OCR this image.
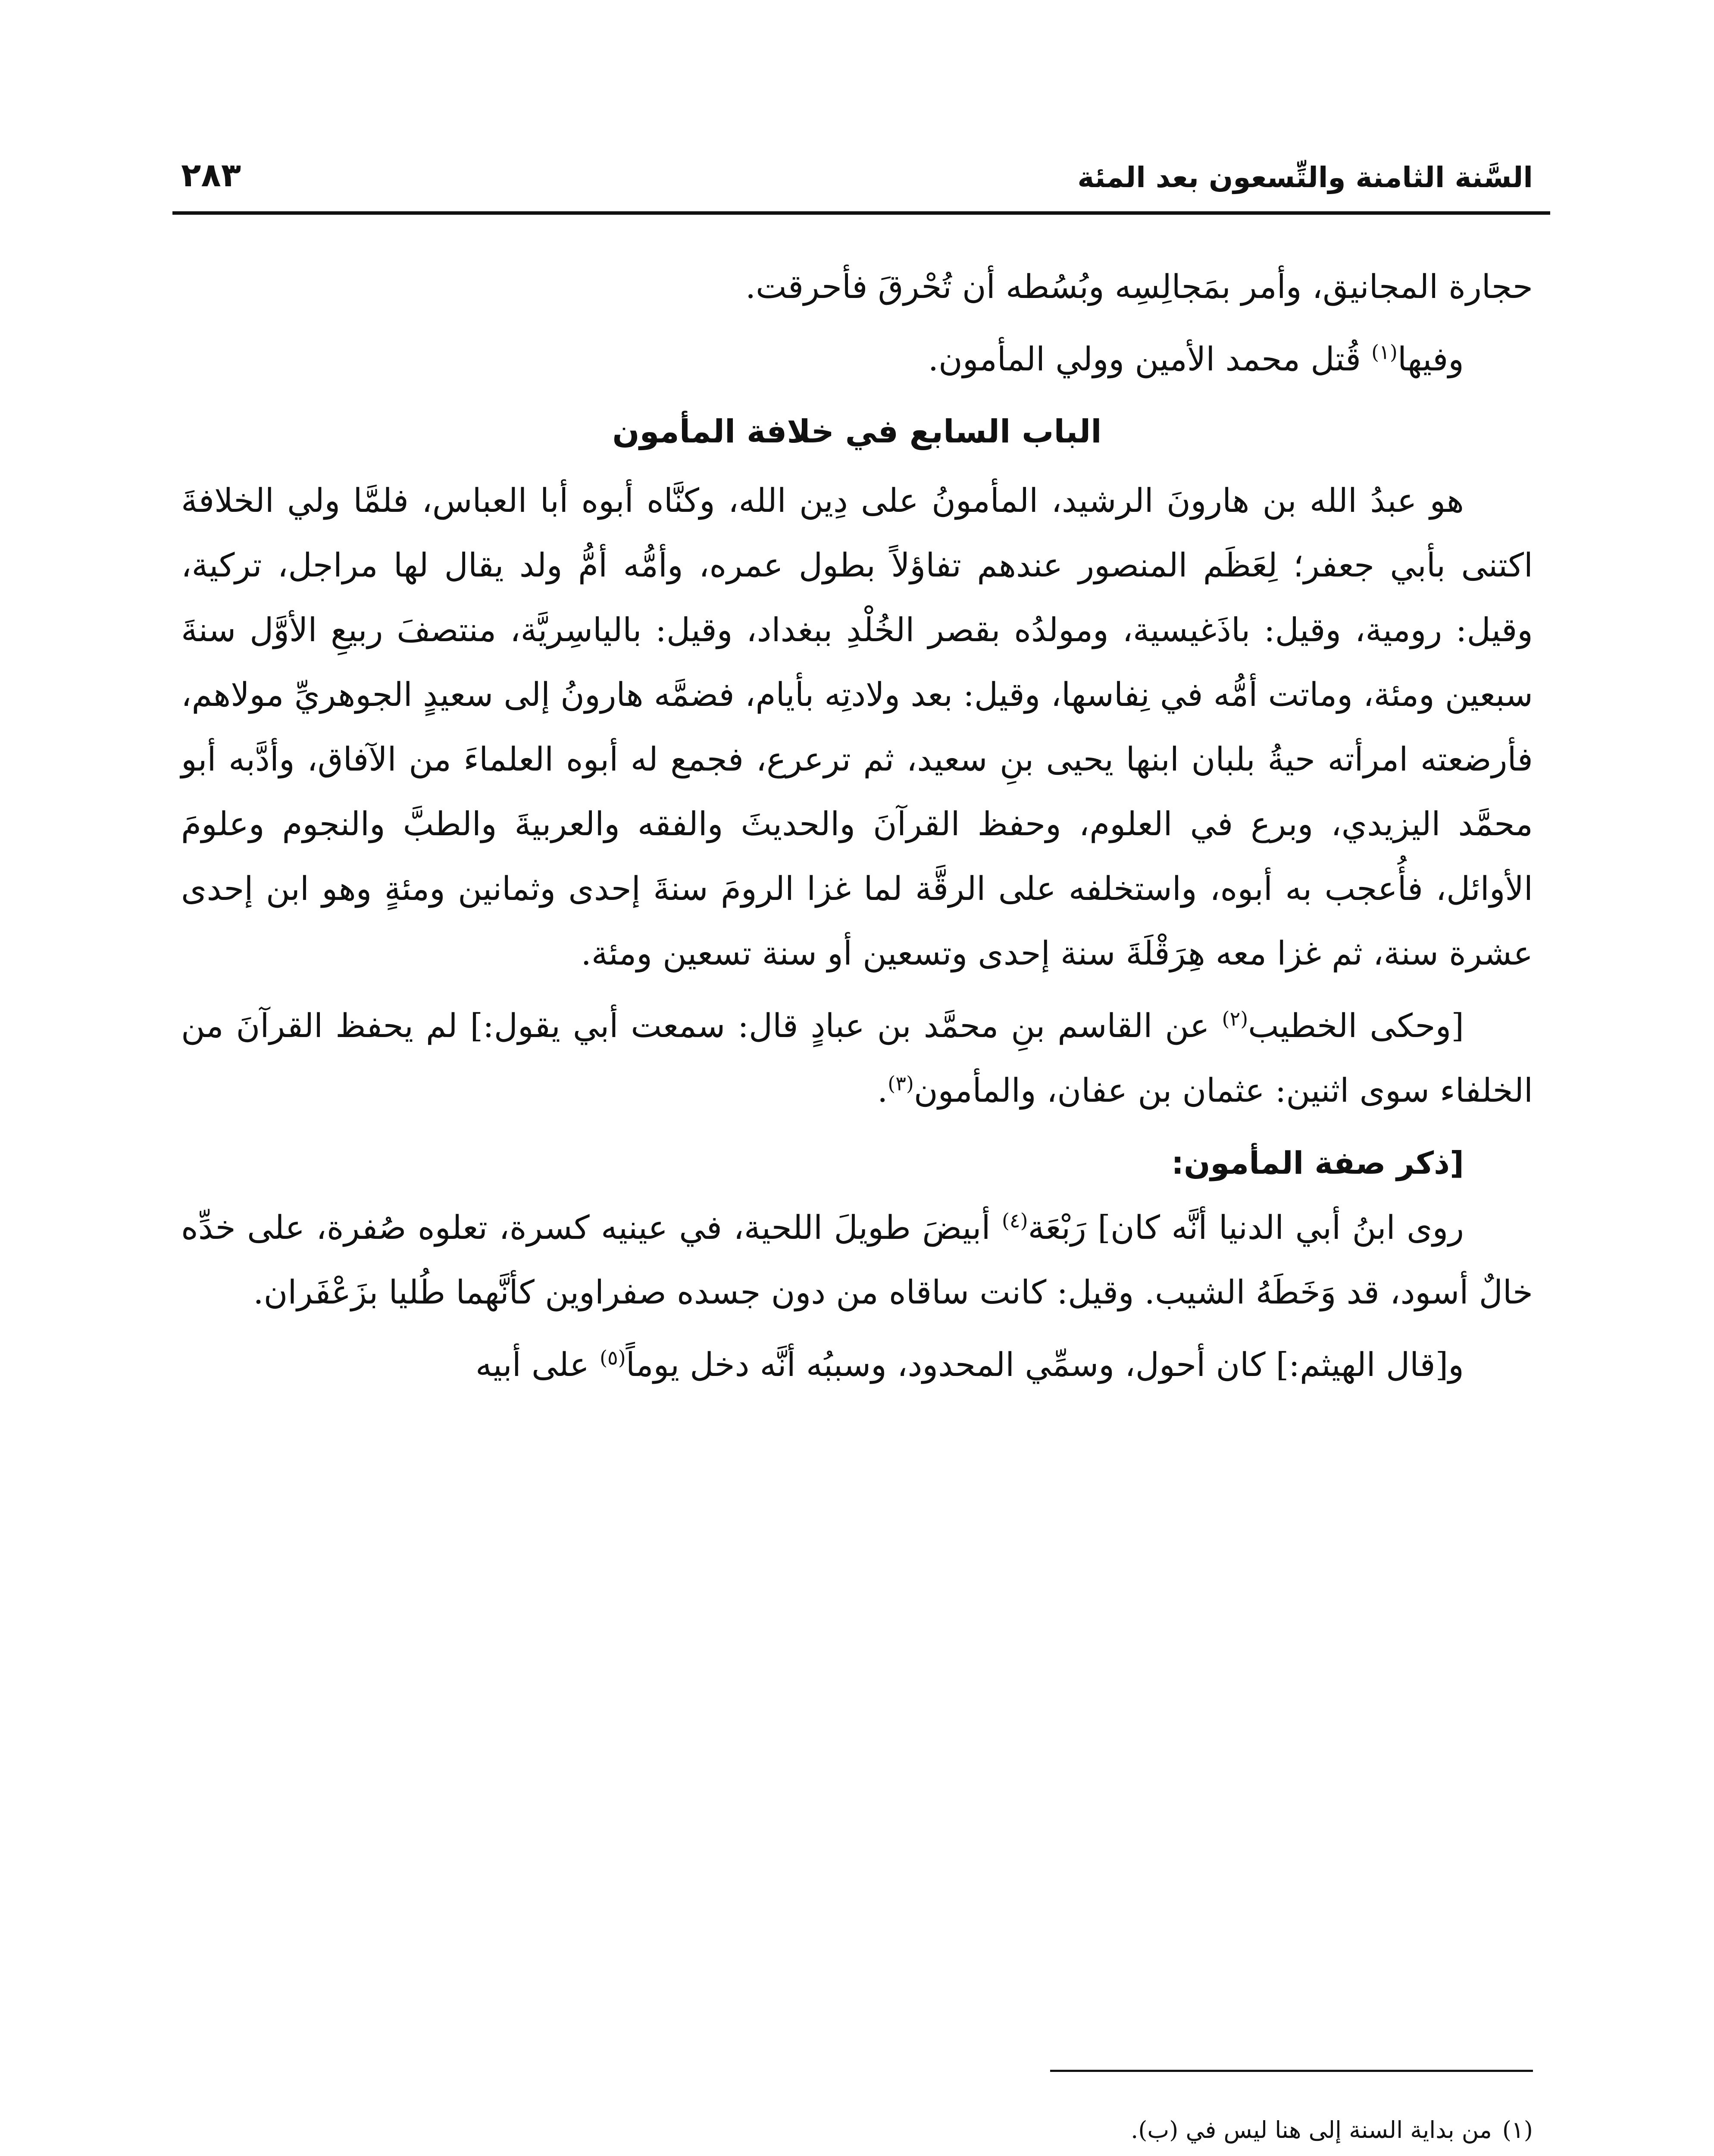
السَّنة الثامنة والتِّسعون بعد المئة
٢٨٣

حجارة المجانيق، وأمر بمَجالِسِه وبُسُطه أن تُحْرقَ فأحرقت.

وفيها$^{(١)}$ قُتل محمد الأمين وولي المأمون.

الباب السابع في خلافة المأمون

هو عبدُ الله بن هارونَ الرشيد، المأمونُ على دِين الله، وكنَّاه أبوه أبا العباس، فلمَّا ولي الخلافةَ اكتنى بأبي جعفر؛ لِعَظَم المنصور عندهم تفاؤلاً بطول عمره، وأمُّه أمُّ ولد يقال لها مراجل، تركية، وقيل: رومية، وقيل: باذَغيسية، ومولدُه بقصر الخُلْدِ ببغداد، وقيل: بالياسِريَّة، منتصفَ ربيعِ الأوَّل سنةَ سبعين ومئة، وماتت أمُّه في نِفاسها، وقيل: بعد ولادتِه بأيام، فضمَّه هارونُ إلى سعيدٍ الجوهريِّ مولاهم، فأرضعته امرأته حيةُ بلبان ابنها يحيى بنِ سعيد، ثم ترعرع، فجمع له أبوه العلماءَ من الآفاق، وأدَّبه أبو محمَّد اليزيدي، وبرع في العلوم، وحفظ القرآنَ والحديثَ والفقه والعربيةَ والطبَّ والنجوم وعلومَ الأوائل، فأُعجب به أبوه، واستخلفه على الرقَّة لما غزا الرومَ سنةَ إحدى وثمانين ومئةٍ وهو ابن إحدى عشرة سنة، ثم غزا معه هِرَقْلَةَ سنة إحدى وتسعين أو سنة تسعين ومئة.

[وحكى الخطيب$^{(٢)}$ عن القاسم بنِ محمَّد بن عبادٍ قال: سمعت أبي يقول:] لم يحفظ القرآنَ من الخلفاء سوى اثنين: عثمان بن عفان، والمأمون$^{(٣)}$.

[ذكر صفة المأمون:

روى ابنُ أبي الدنيا أنَّه كان] رَبْعَة$^{(٤)}$ أبيضَ طويلَ اللحية، في عينيه كسرة، تعلوه صُفرة، على خدِّه خالٌ أسود، قد وَخَطَهُ الشيب. وقيل: كانت ساقاه من دون جسده صفراوين كأنَّهما طُليا بزَعْفَران.

و[قال الهيثم:] كان أحول، وسمِّي المحدود، وسببُه أنَّه دخل يوماً$^{(٥)}$ على أبيه

(١)من بداية السنة إلى هنا ليس في (ب).
